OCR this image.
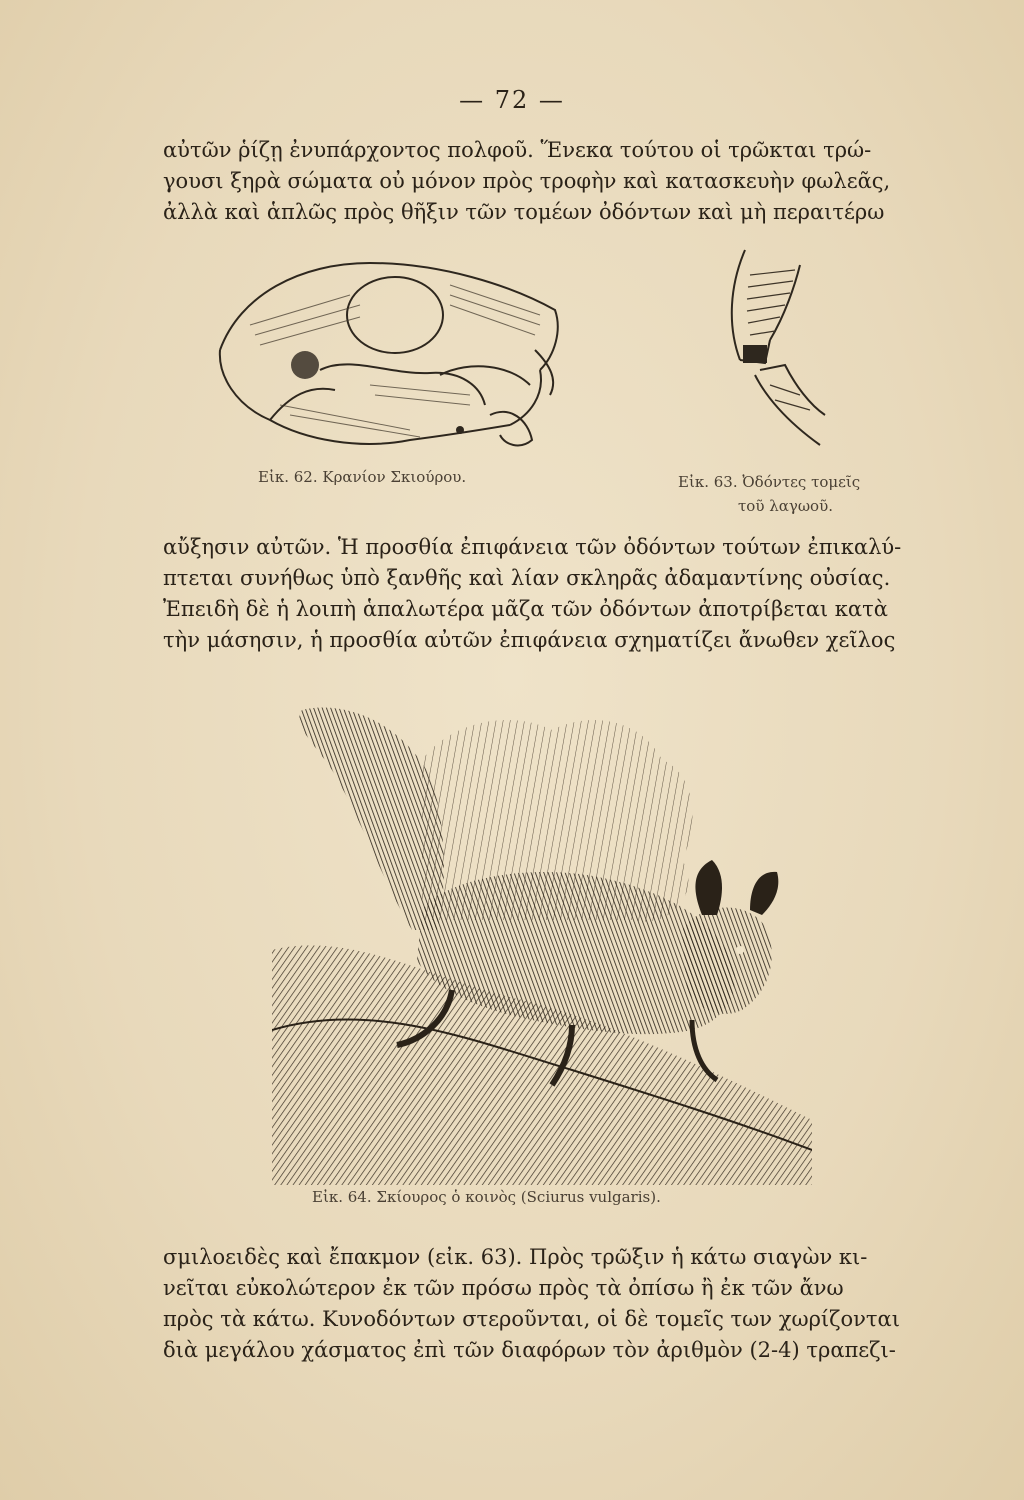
— 72 —
αὐτῶν ῥίζῃ ἐνυπάρχοντος πολφοῦ. Ἕνεκα τούτου οἱ τρῶκται τρώ-
γουσι ξηρὰ σώματα οὐ μόνον πρὸς τροφὴν καὶ κατασκευὴν φωλεᾶς,
ἀλλὰ καὶ ἁπλῶς πρὸς θῆξιν τῶν τομέων ὀδόντων καὶ μὴ περαιτέρω
Εἰκ. 62. Κρανίον Σκιούρου.	Εἰκ. 63. Ὀδόντες τομεῖς
τοῦ λαγωοῦ.
αὔξησιν αὐτῶν. Ἡ προσθία ἐπιφάνεια τῶν ὀδόντων τούτων ἐπικαλύ-
πτεται συνήθως ὑπὸ ξανθῆς καὶ λίαν σκληρᾶς ἀδαμαντίνης οὐσίας.
Ἐπειδὴ δὲ ἡ λοιπὴ ἁπαλωτέρα μᾶζα τῶν ὀδόντων ἀποτρίβεται κατὰ
τὴν μάσησιν, ἡ προσθία αὐτῶν ἐπιφάνεια σχηματίζει ἄνωθεν χεῖλος
Εἰκ. 64. Σκίουρος ὁ κοινὸς (Sciurus vulgaris).
σμιλοειδὲς καὶ ἔπακμον (εἰκ. 63). Πρὸς τρῶξιν ἡ κάτω σιαγὼν κι-
νεῖται εὐκολώτερον ἐκ τῶν πρόσω πρὸς τὰ ὀπίσω ἢ ἐκ τῶν ἄνω
πρὸς τὰ κάτω. Κυνοδόντων στεροῦνται, οἱ δὲ τομεῖς των χωρίζονται
διὰ μεγάλου χάσματος ἐπὶ τῶν διαφόρων τὸν ἀριθμὸν (2-4) τραπεζι-
